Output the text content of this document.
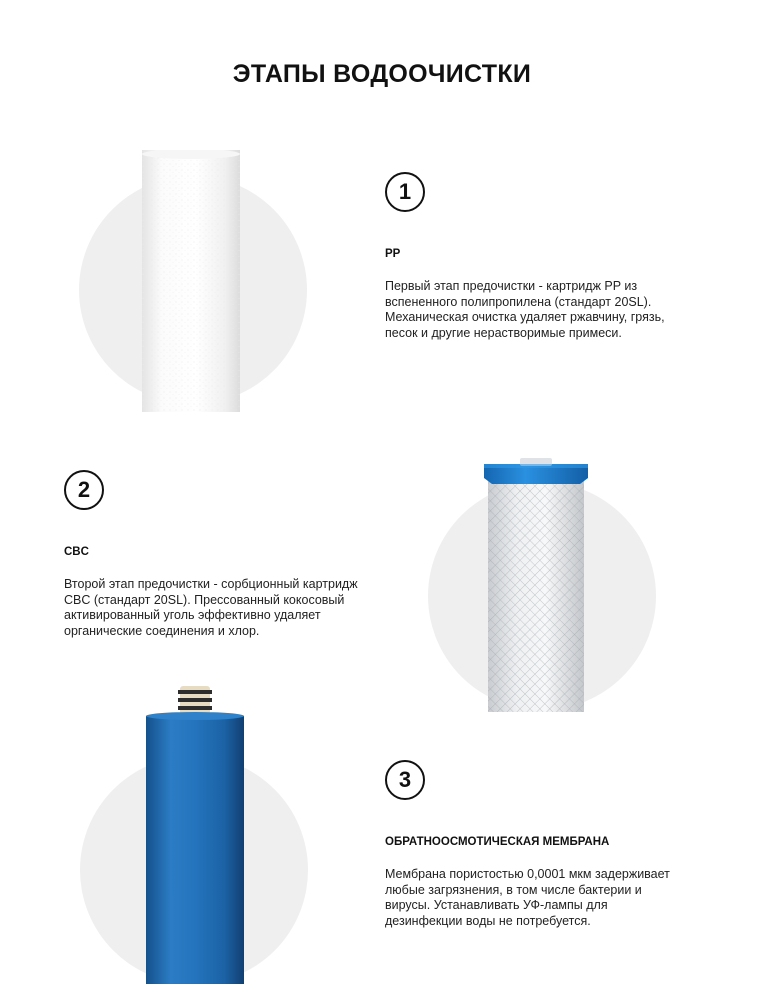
ЭТАПЫ ВОДООЧИСТКИ
1
PP
Первый этап предочистки - картридж PP из
вспененного полипропилена (стандарт 20SL).
Механическая очистка удаляет ржавчину, грязь,
песок и другие нерастворимые примеси.
2
CBC
Второй этап предочистки - сорбционный картридж
CBC (стандарт 20SL). Прессованный кокосовый
активированный уголь эффективно удаляет
органические соединения и хлор.
3
ОБРАТНООСМОТИЧЕСКАЯ МЕМБРАНА
Мембрана пористостью 0,0001 мкм задерживает
любые загрязнения, в том числе бактерии и
вирусы. Устанавливать УФ-лампы для
дезинфекции воды не потребуется.
